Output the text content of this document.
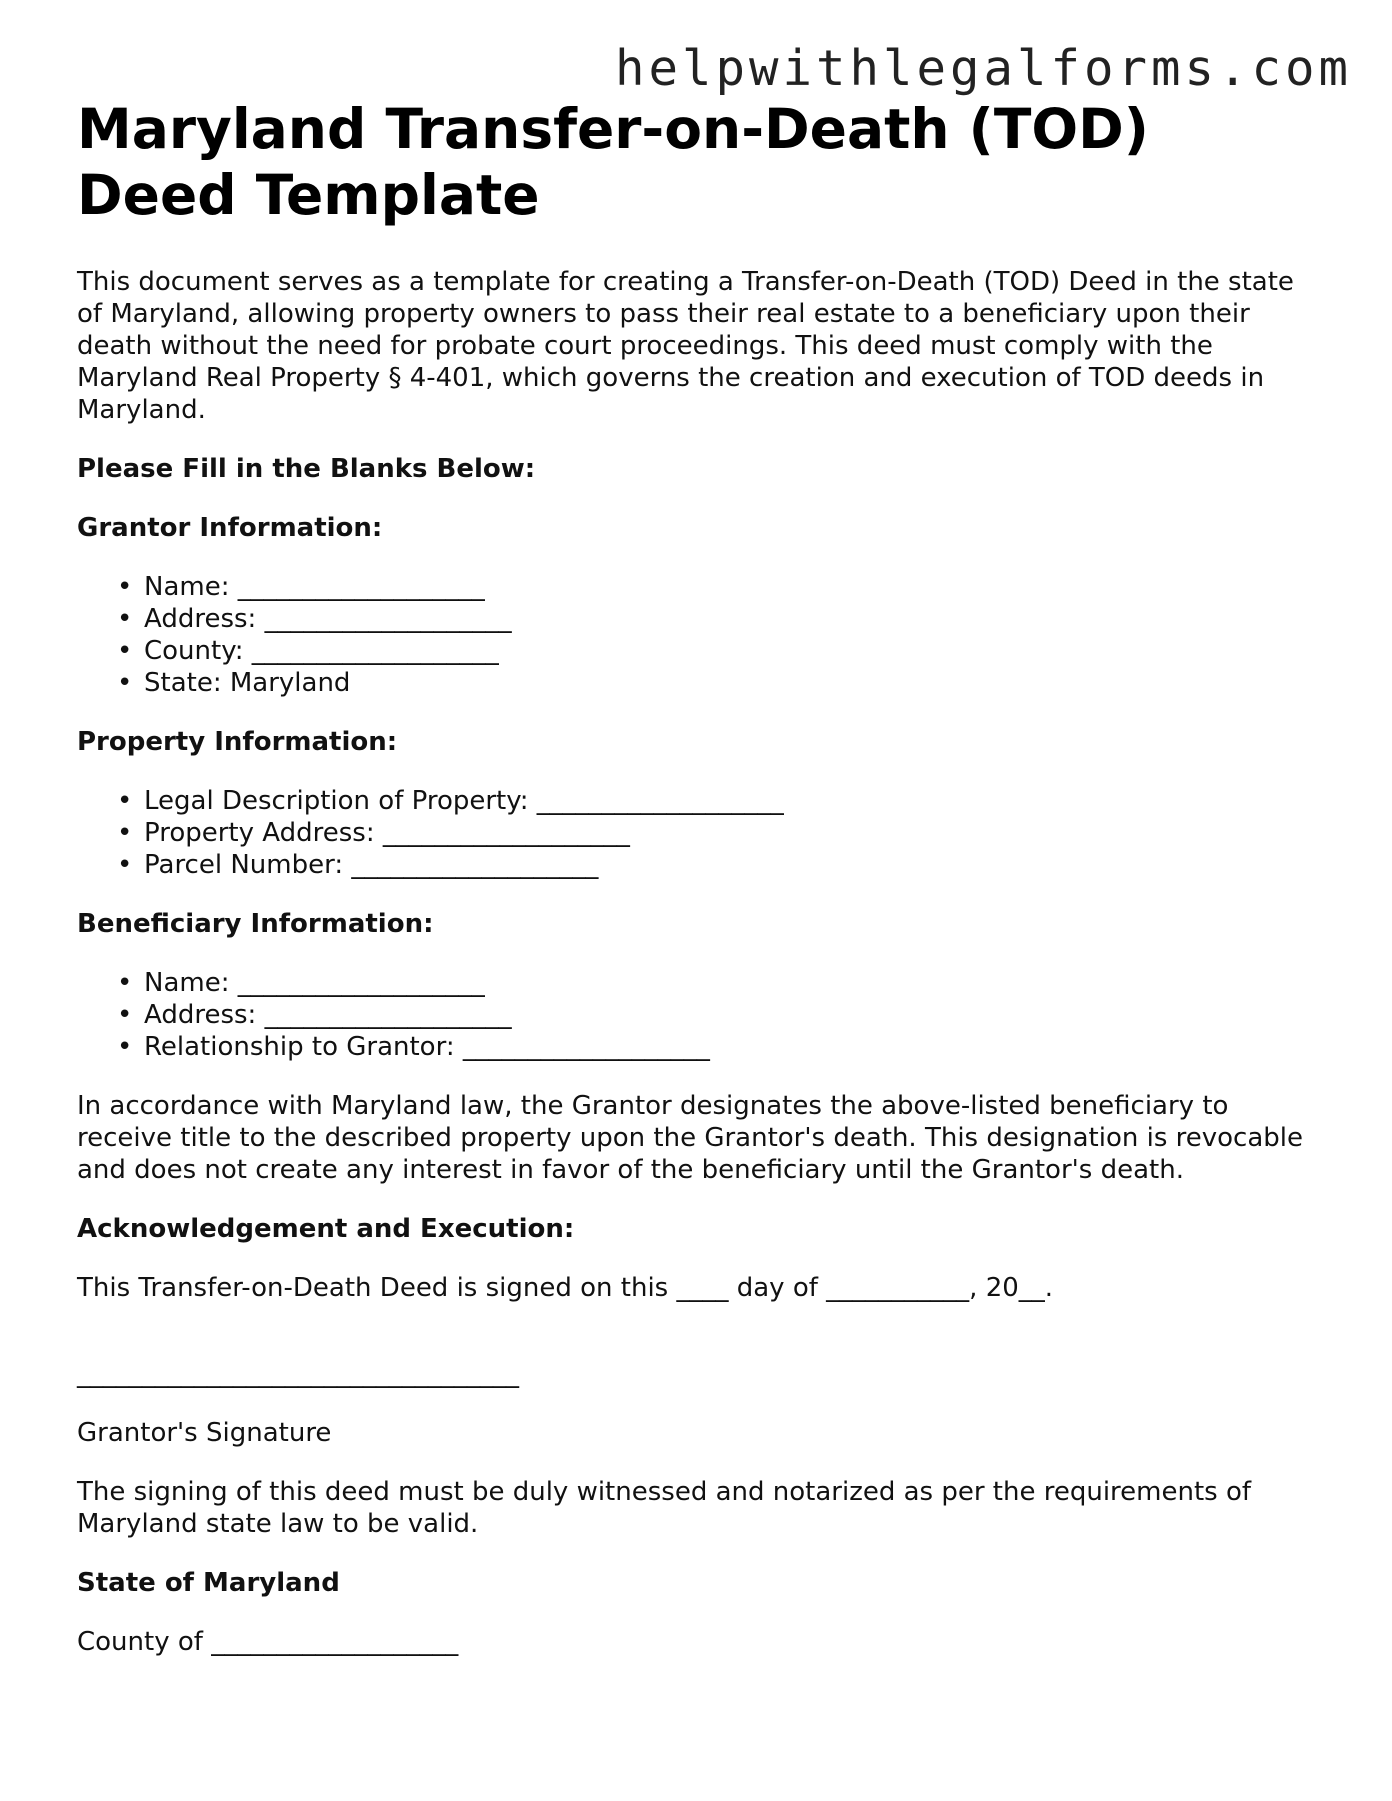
helpwithlegalforms.com
Maryland Transfer-on-Death (TOD) Deed Template

This document serves as a template for creating a Transfer-on-Death (TOD) Deed in the state of Maryland, allowing property owners to pass their real estate to a beneficiary upon their death without the need for probate court proceedings. This deed must comply with the Maryland Real Property § 4-401, which governs the creation and execution of TOD deeds in Maryland.

Please Fill in the Blanks Below:
Grantor Information:
• Name: ___________________
• Address: ___________________
• County: ___________________
• State: Maryland
Property Information:
• Legal Description of Property: ___________________
• Property Address: ___________________
• Parcel Number: ___________________
Beneficiary Information:
• Name: ___________________
• Address: ___________________
• Relationship to Grantor: ___________________

In accordance with Maryland law, the Grantor designates the above-listed beneficiary to receive title to the described property upon the Grantor's death. This designation is revocable and does not create any interest in favor of the beneficiary until the Grantor's death.

Acknowledgement and Execution:

This Transfer-on-Death Deed is signed on this ____ day of ___________, 20__.

__________________________________

Grantor's Signature

The signing of this deed must be duly witnessed and notarized as per the requirements of Maryland state law to be valid.

State of Maryland

County of ___________________
